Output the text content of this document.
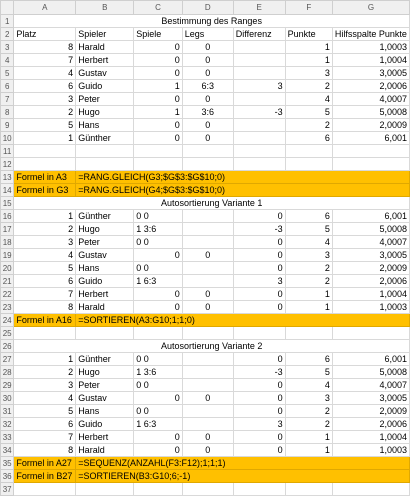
	A	B	C	D	E	F	G
1	Bestimmung des Ranges						
2	Platz	Spieler	Spiele	Legs	Differenz	Punkte	Hilfsspalte Punkte
3	8	Harald	0	0		1	1,0003
4	7	Herbert	0	0		1	1,0004
5	4	Gustav	0	0		3	3,0005
6	6	Guido	1	6:3	3	2	2,0006
7	3	Peter	0	0		4	4,0007
8	2	Hugo	1	3:6	-3	5	5,0008
9	5	Hans	0	0		2	2,0009
10	1	Günther	0	0		6	6,001
11							
12							
13	Formel in A3	=RANG.GLEICH(G3;$G$3:$G$10;0)					
14	Formel in G3	=RANG.GLEICH(G4;$G$3:$G$10;0)					
15	Autosortierung Variante 1						
16	1	Günther	0 0		0	6	6,001
17	2	Hugo	1 3:6		-3	5	5,0008
18	3	Peter	0 0		0	4	4,0007
19	4	Gustav	0	0	0	3	3,0005
20	5	Hans	0 0		0	2	2,0009
21	6	Guido	1 6:3		3	2	2,0006
22	7	Herbert	0	0	0	1	1,0004
23	8	Harald	0	0	0	1	1,0003
24	Formel in A16	=SORTIEREN(A3:G10;1;1;0)					
25							
26	Autosortierung Variante 2						
27	1	Günther	0 0		0	6	6,001
28	2	Hugo	1 3:6		-3	5	5,0008
29	3	Peter	0 0		0	4	4,0007
30	4	Gustav	0	0	0	3	3,0005
31	5	Hans	0 0		0	2	2,0009
32	6	Guido	1 6:3		3	2	2,0006
33	7	Herbert	0	0	0	1	1,0004
34	8	Harald	0	0	0	1	1,0003
35	Formel in A27	=SEQUENZ(ANZAHL(F3:F12);1;1;1)					
36	Formel in B27	=SORTIEREN(B3:G10;6;-1)					
37							
